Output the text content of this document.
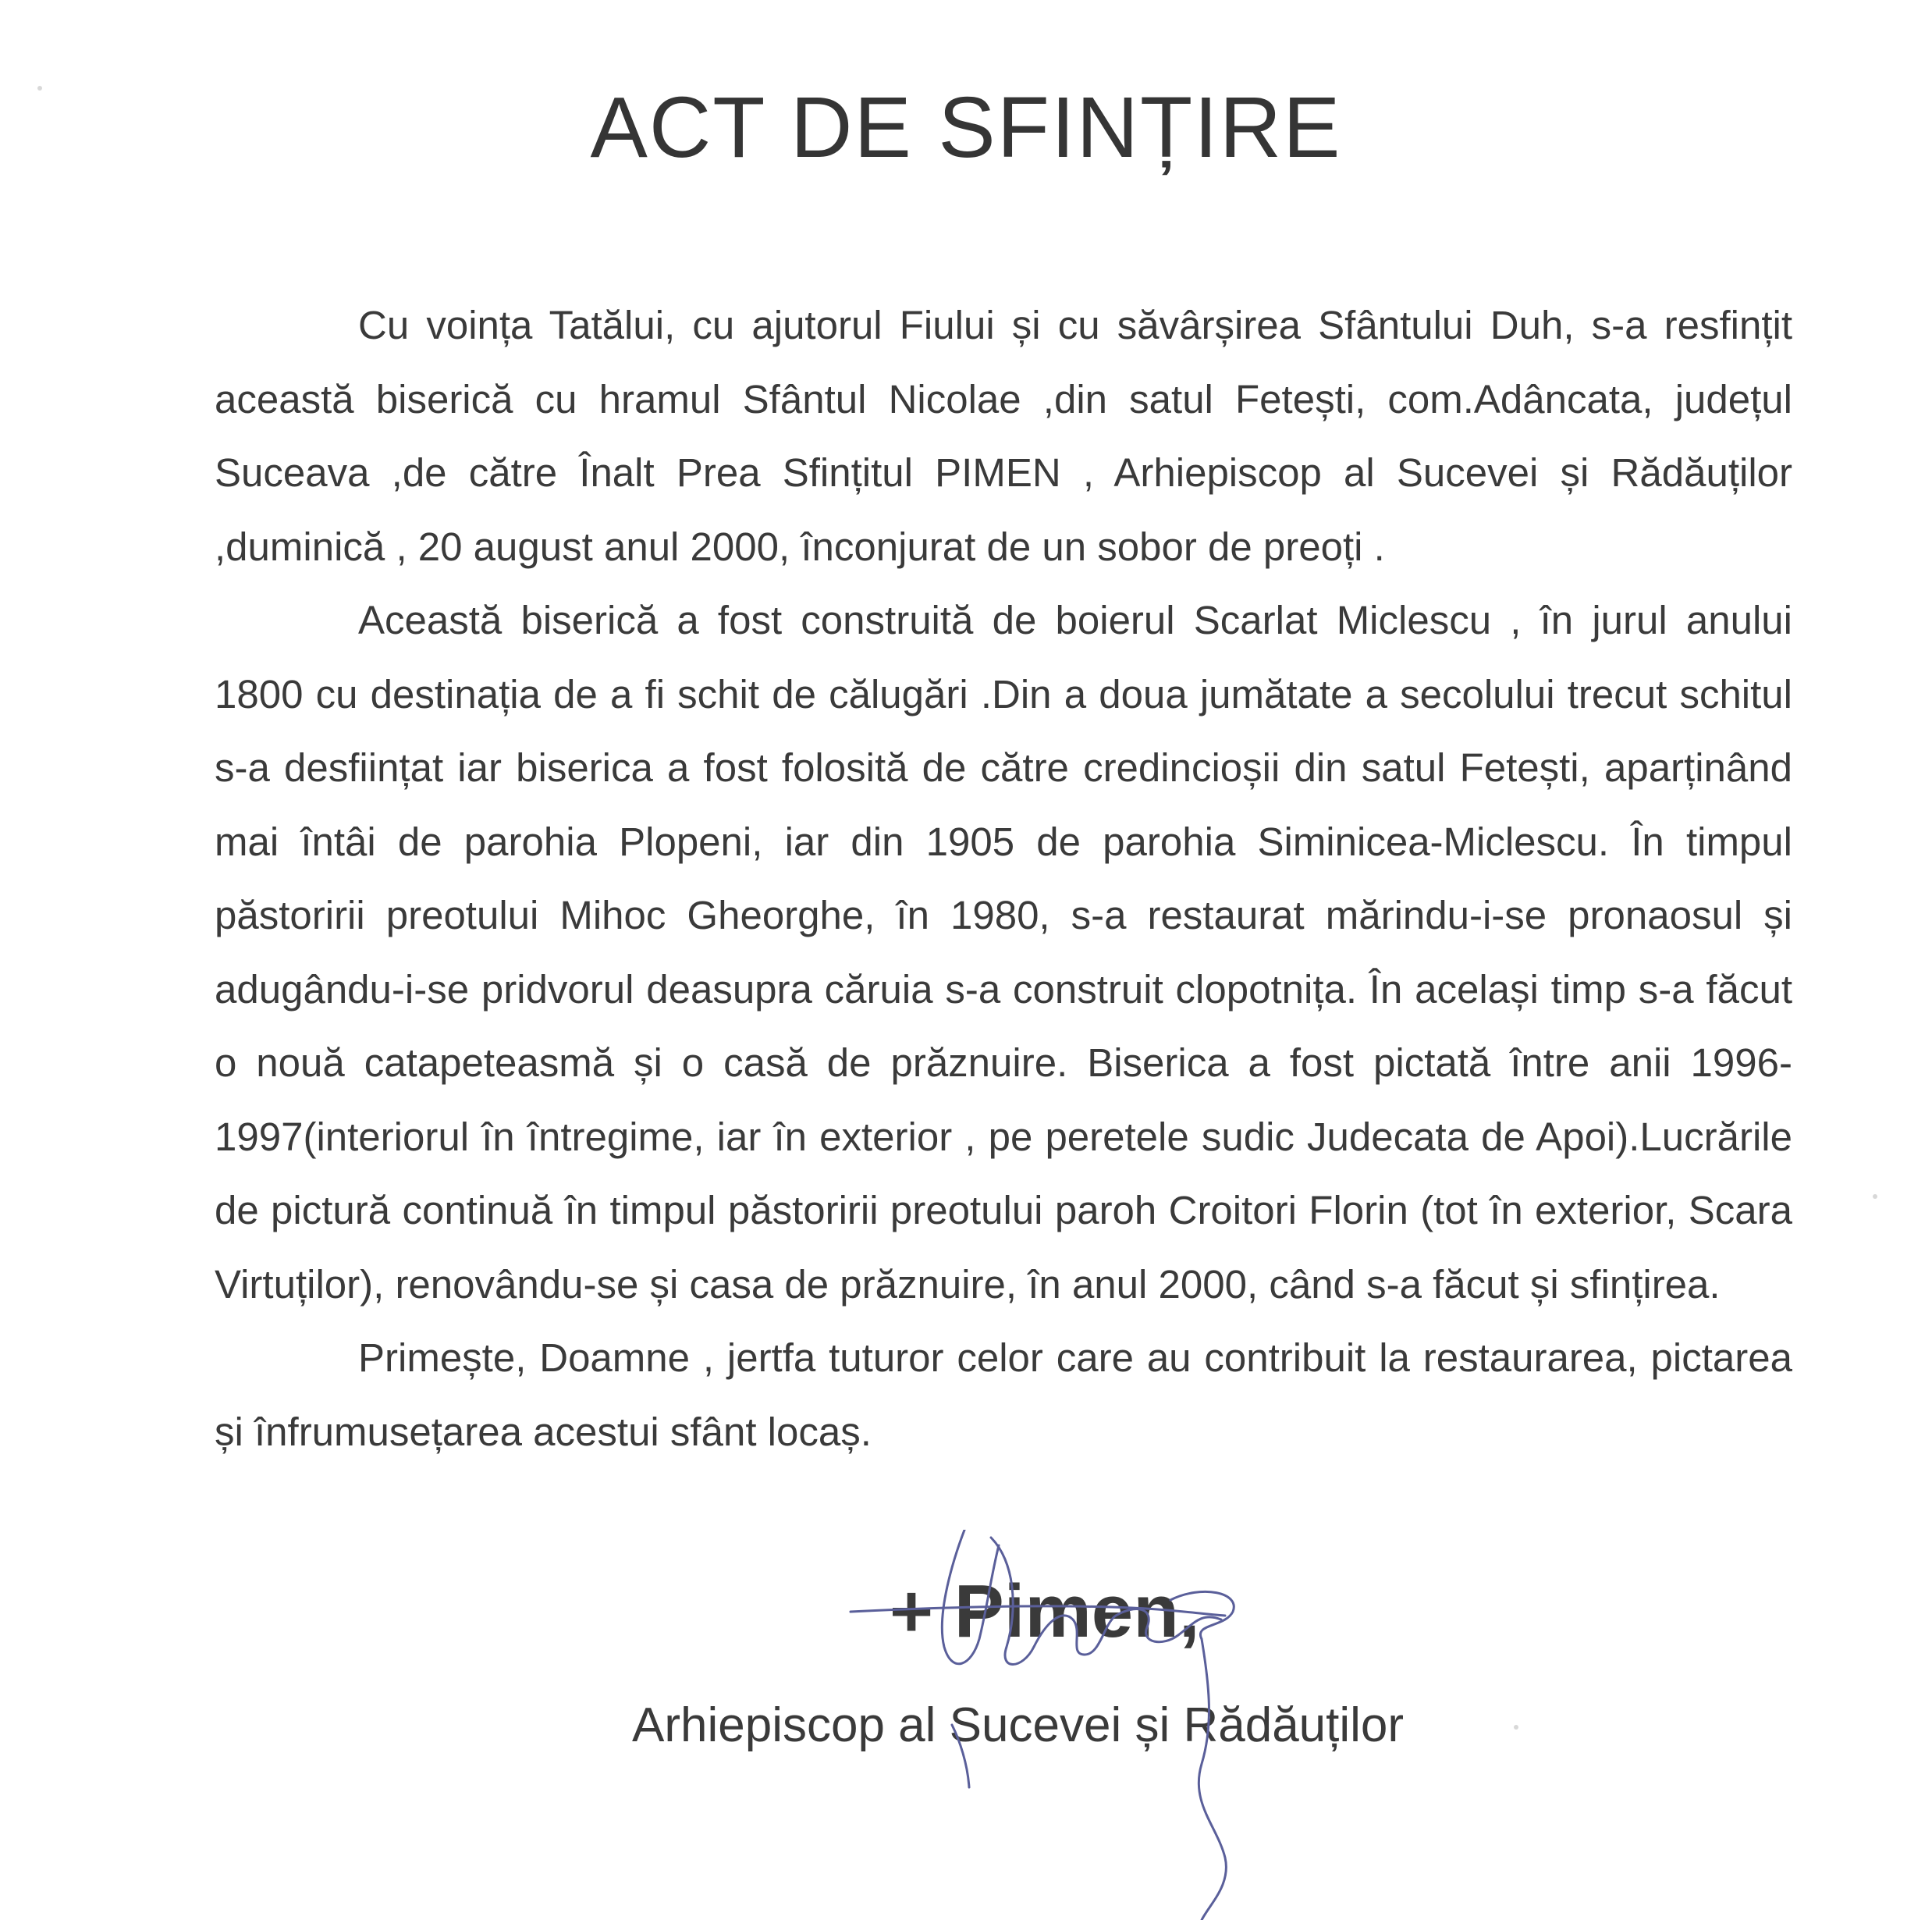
ACT DE SFINȚIRE

Cu voința Tatălui, cu ajutorul Fiului și cu săvârșirea Sfântului Duh, s-a resfințit această biserică cu hramul Sfântul Nicolae ,din satul Fetești, com.Adâncata, județul Suceava ,de către Înalt Prea Sfințitul PIMEN , Arhiepiscop al Sucevei și Rădăuților ,duminică , 20 august anul 2000, înconjurat de un sobor de preoți .

Această biserică a fost construită de boierul Scarlat Miclescu , în jurul anului 1800 cu destinația de a fi schit de călugări .Din a doua jumătate a secolului trecut schitul s-a desființat iar biserica a fost folosită de către credincioșii din satul Fetești, aparținând mai întâi de parohia Plopeni, iar din 1905 de parohia Siminicea-Miclescu. În timpul păstoririi preotului Mihoc Gheorghe, în 1980, s-a restaurat mărindu-i-se pronaosul și adugându-i-se pridvorul deasupra căruia s-a construit clopotnița. În același timp s-a făcut o nouă catapeteasmă și o casă de prăznuire. Biserica a fost pictată între anii 1996-1997(interiorul în întregime, iar în exterior , pe peretele sudic Judecata de Apoi).Lucrările de pictură continuă în timpul păstoririi preotului paroh Croitori Florin (tot în exterior, Scara Virtuților), renovându-se și casa de prăznuire, în anul 2000, când s-a făcut și sfințirea.

Primește, Doamne , jertfa tuturor celor care au contribuit la restaurarea, pictarea și înfrumusețarea acestui sfânt locaș.

+ Pimen,
Arhiepiscop al Sucevei și Rădăuților
